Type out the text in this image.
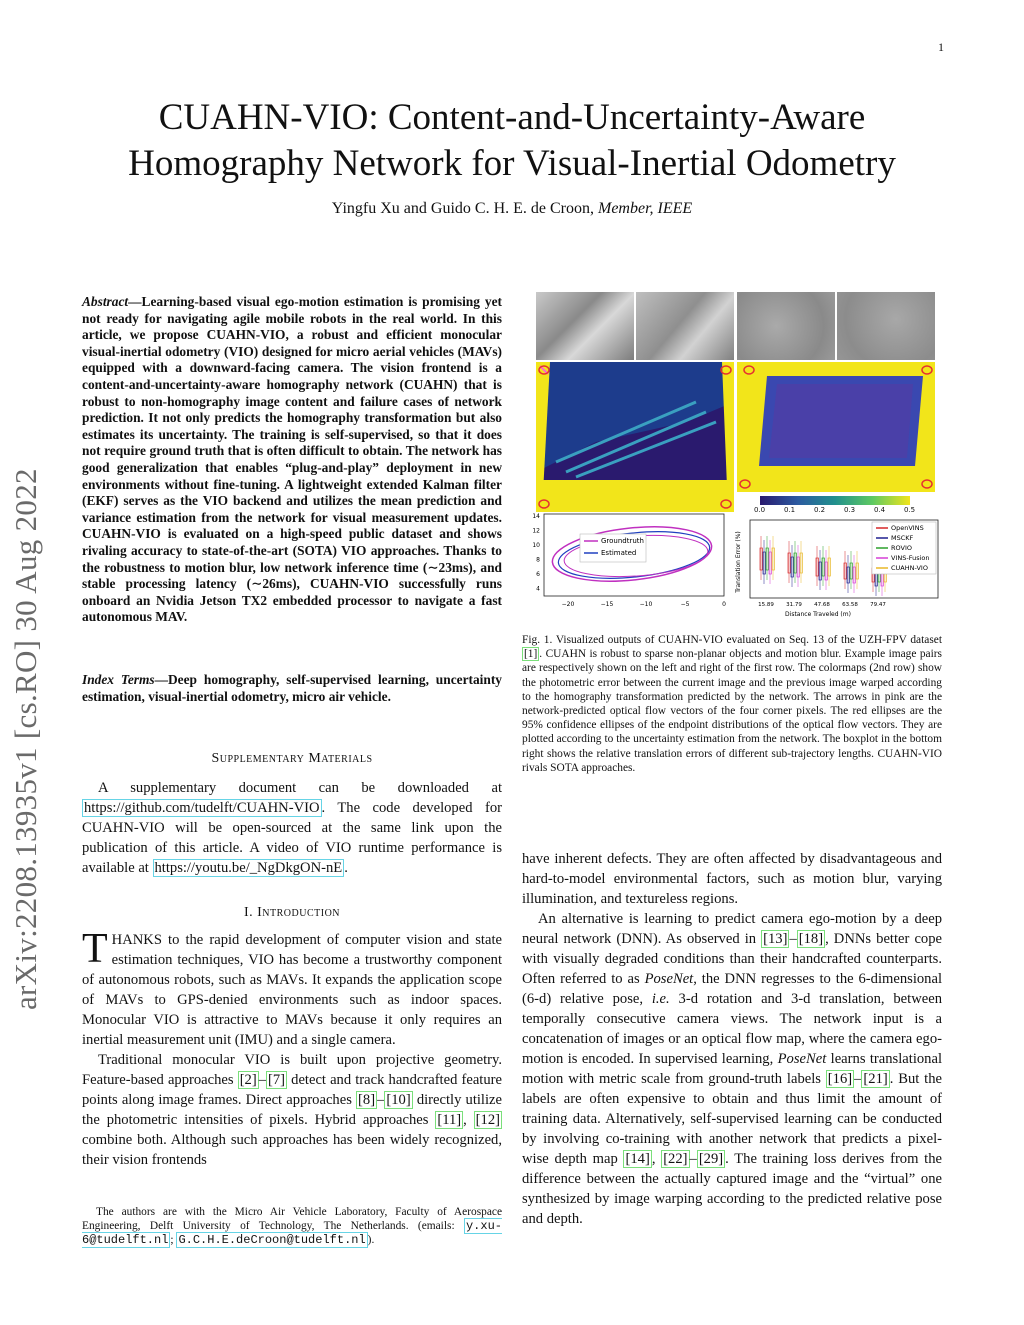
1
CUAHN-VIO: Content-and-Uncertainty-Aware
Homography Network for Visual-Inertial Odometry
Yingfu Xu and Guido C. H. E. de Croon, Member, IEEE
arXiv:2208.13935v1 [cs.RO] 30 Aug 2022
Abstract—Learning-based visual ego-motion estimation is promising yet not ready for navigating agile mobile robots in the real world. In this article, we propose CUAHN-VIO, a robust and efficient monocular visual-inertial odometry (VIO) designed for micro aerial vehicles (MAVs) equipped with a downward-facing camera. The vision frontend is a content-and-uncertainty-aware homography network (CUAHN) that is robust to non-homography image content and failure cases of network prediction. It not only predicts the homography transformation but also estimates its uncertainty. The training is self-supervised, so that it does not require ground truth that is often difficult to obtain. The network has good generalization that enables “plug-and-play” deployment in new environments without fine-tuning. A lightweight extended Kalman filter (EKF) serves as the VIO backend and utilizes the mean prediction and variance estimation from the network for visual measurement updates. CUAHN-VIO is evaluated on a high-speed public dataset and shows rivaling accuracy to state-of-the-art (SOTA) VIO approaches. Thanks to the robustness to motion blur, low network inference time (∼23ms), and stable processing latency (∼26ms), CUAHN-VIO successfully runs onboard an Nvidia Jetson TX2 embedded processor to navigate a fast autonomous MAV.
Index Terms—Deep homography, self-supervised learning, uncertainty estimation, visual-inertial odometry, micro air vehicle.
Supplementary Materials
A supplementary document can be downloaded at https://github.com/tudelft/CUAHN-VIO . The code developed for CUAHN-VIO will be open-sourced at the same link upon the publication of this article. A video of VIO runtime performance is available at https://youtu.be/_NgDkgON-nE .
I. Introduction

THANKS to the rapid development of computer vision and state estimation techniques, VIO has become a trustworthy component of autonomous robots, such as MAVs. It expands the application scope of MAVs to GPS-denied environments such as indoor spaces. Monocular VIO is attractive to MAVs because it only requires an inertial measurement unit (IMU) and a single camera.

Traditional monocular VIO is built upon projective geometry. Feature-based approaches [2] – [7] detect and track handcrafted feature points along image frames. Direct approaches [8] – [10] directly utilize the photometric intensities of pixels. Hybrid approaches [11] , [12] combine both. Although such approaches has been widely recognized, their vision frontends

The authors are with the Micro Air Vehicle Laboratory, Faculty of Aerospace Engineering, Delft University of Technology, The Netherlands. (emails: y.xu-6@tudelft.nl ; G.C.H.E.deCroon@tudelft.nl ).
0.0	0.1	0.2	0.3	0.4	0.5
14
12
10
8
6
4
−20	−15	−10	−5	0
Groundtruth
Estimated	Translation Error (%)
Distance Traveled (m)
15.89 31.79 47.68 63.58 79.47
OpenVINS
MSCKF
ROVIO
VINS-Fusion
CUAHN-VIO
Fig. 1. Visualized outputs of CUAHN-VIO evaluated on Seq. 13 of the UZH-FPV dataset [1] . CUAHN is robust to sparse non-planar objects and motion blur. Example image pairs are respectively shown on the left and right of the first row. The colormaps (2nd row) show the photometric error between the current image and the previous image warped according to the homography transformation predicted by the network. The arrows in pink are the network-predicted optical flow vectors of the four corner pixels. The red ellipses are the 95% confidence ellipses of the endpoint distributions of the optical flow vectors. They are plotted according to the uncertainty estimation from the network. The boxplot in the bottom right shows the relative translation errors of different sub-trajectory lengths. CUAHN-VIO rivals SOTA approaches.

have inherent defects. They are often affected by disadvantageous and hard-to-model environmental factors, such as motion blur, varying illumination, and textureless regions.

An alternative is learning to predict camera ego-motion by a deep neural network (DNN). As observed in [13] – [18] , DNNs better cope with visually degraded conditions than their handcrafted counterparts. Often referred to as PoseNet, the DNN regresses to the 6-dimensional (6-d) relative pose, i.e. 3-d rotation and 3-d translation, between temporally consecutive camera views. The network input is a concatenation of images or an optical flow map, where the camera ego-motion is encoded. In supervised learning, PoseNet learns translational motion with metric scale from ground-truth labels [16] – [21] . But the labels are often expensive to obtain and thus limit the amount of training data. Alternatively, self-supervised learning can be conducted by involving co-training with another network that predicts a pixel-wise depth map [14] , [22] – [29] . The training loss derives from the difference between the actually captured image and the “virtual” one synthesized by image warping according to the predicted relative pose and depth.
